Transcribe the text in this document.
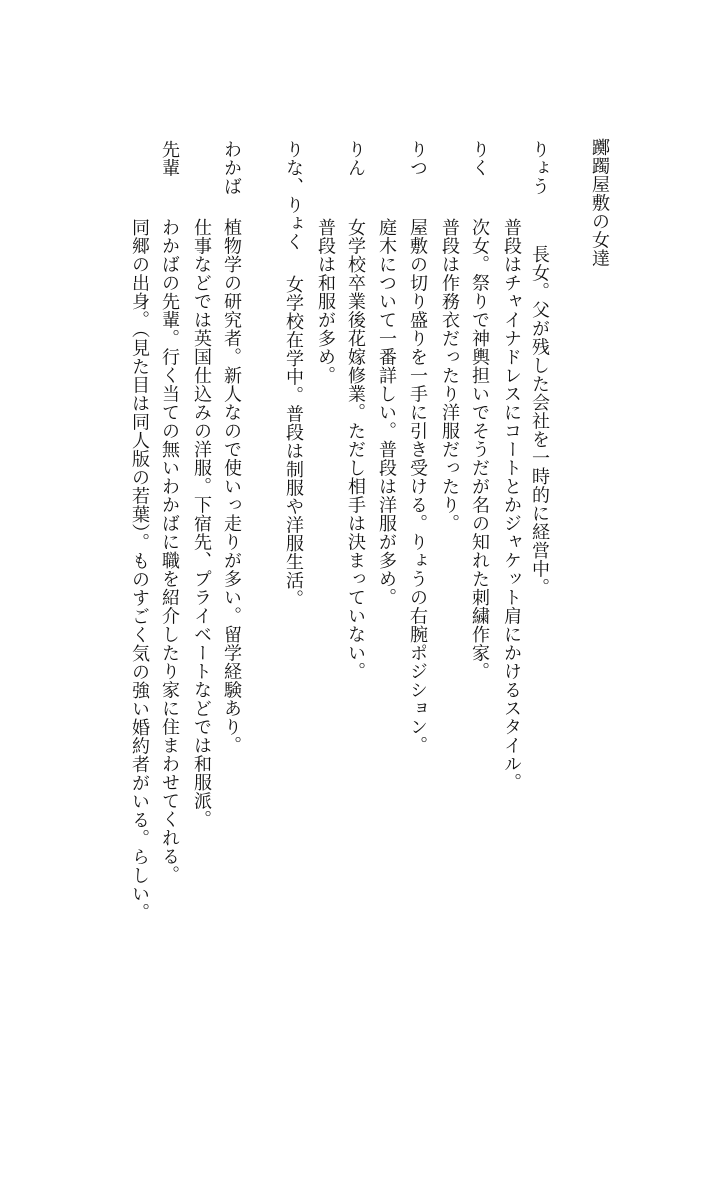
躑躅屋敷の女達
りょう
長女。父が残した会社を一時的に経営中。
普段はチャイナドレスにコートとかジャケット肩にかけるスタイル。
りく
次女。祭りで神輿担いでそうだが名の知れた刺繍作家。
普段は作務衣だったり洋服だったり。
りつ
屋敷の切り盛りを一手に引き受ける。りょうの右腕ポジション。
庭木について一番詳しい。普段は洋服が多め。
りん
女学校卒業後花嫁修業。ただし相手は決まっていない。
普段は和服が多め。
りな、りょく
女学校在学中。普段は制服や洋服生活。
わかば
植物学の研究者。新人なので使いっ走りが多い。留学経験あり。
仕事などでは英国仕込みの洋服。下宿先、プライベートなどでは和服派。
先輩
わかばの先輩。行く当ての無いわかばに職を紹介したり家に住まわせてくれる。
同郷の出身。（見た目は同人版の若葉）。ものすごく気の強い婚約者がいる。らしい。
